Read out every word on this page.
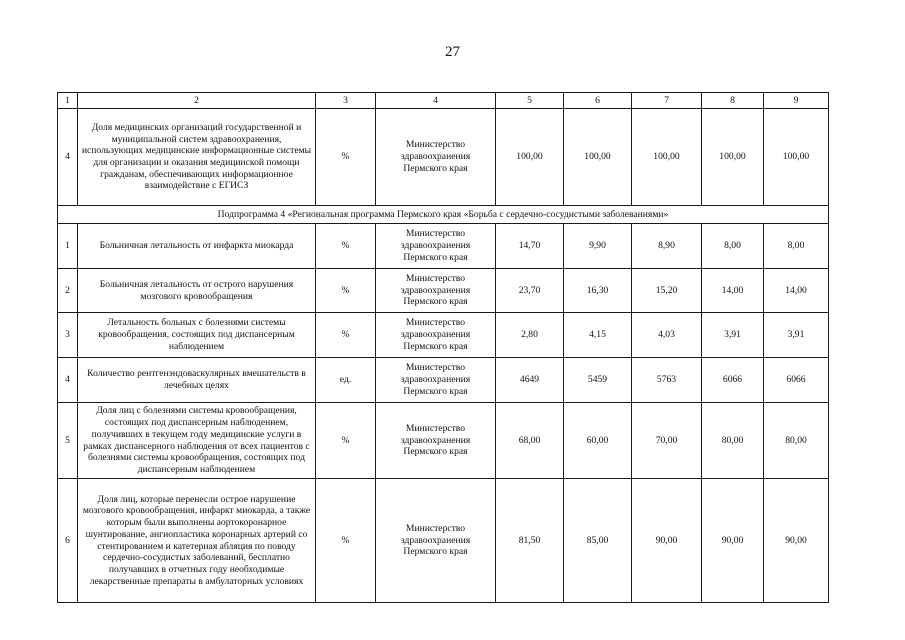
27
1	2	3	4	5	6	7	8	9
4	Доля медицинских организаций государственной и муниципальной систем здравоохранения, использующих медицинские информационные системы для организации и оказания медицинской помощи гражданам, обеспечивающих информационное взаимодействие с ЕГИСЗ	%	Министерство здравоохранения Пермского края	100,00	100,00	100,00	100,00	100,00
Подпрограмма 4 «Региональная программа Пермского края «Борьба с сердечно-сосудистыми заболеваниями»								
1	Больничная летальность от инфаркта миокарда	%	Министерство здравоохранения Пермского края	14,70	9,90	8,90	8,00	8,00
2	Больничная летальность от острого нарушения мозгового кровообращения	%	Министерство здравоохранения Пермского края	23,70	16,30	15,20	14,00	14,00
3	Летальность больных с болезнями системы кровообращения, состоящих под диспансерным наблюдением	%	Министерство здравоохранения Пермского края	2,80	4,15	4,03	3,91	3,91
4	Количество рентгенэндоваскулярных вмешательств в лечебных целях	ед.	Министерство здравоохранения Пермского края	4649	5459	5763	6066	6066
5	Доля лиц с болезнями системы кровообращения, состоящих под диспансерным наблюдением, получивших в текущем году медицинские услуги в рамках диспансерного наблюдения от всех пациентов с болезнями системы кровообращения, состоящих под диспансерным наблюдением	%	Министерство здравоохранения Пермского края	68,00	60,00	70,00	80,00	80,00
6	Доля лиц, которые перенесли острое нарушение мозгового кровообращения, инфаркт миокарда, а также которым были выполнены аортокоронарное шунтирование, ангиопластика коронарных артерий со стентированием и катетерная абляция по поводу сердечно-сосудистых заболеваний, бесплатно получавших в отчетных году необходимые лекарственные препараты в амбулаторных условиях	%	Министерство здравоохранения Пермского края	81,50	85,00	90,00	90,00	90,00
